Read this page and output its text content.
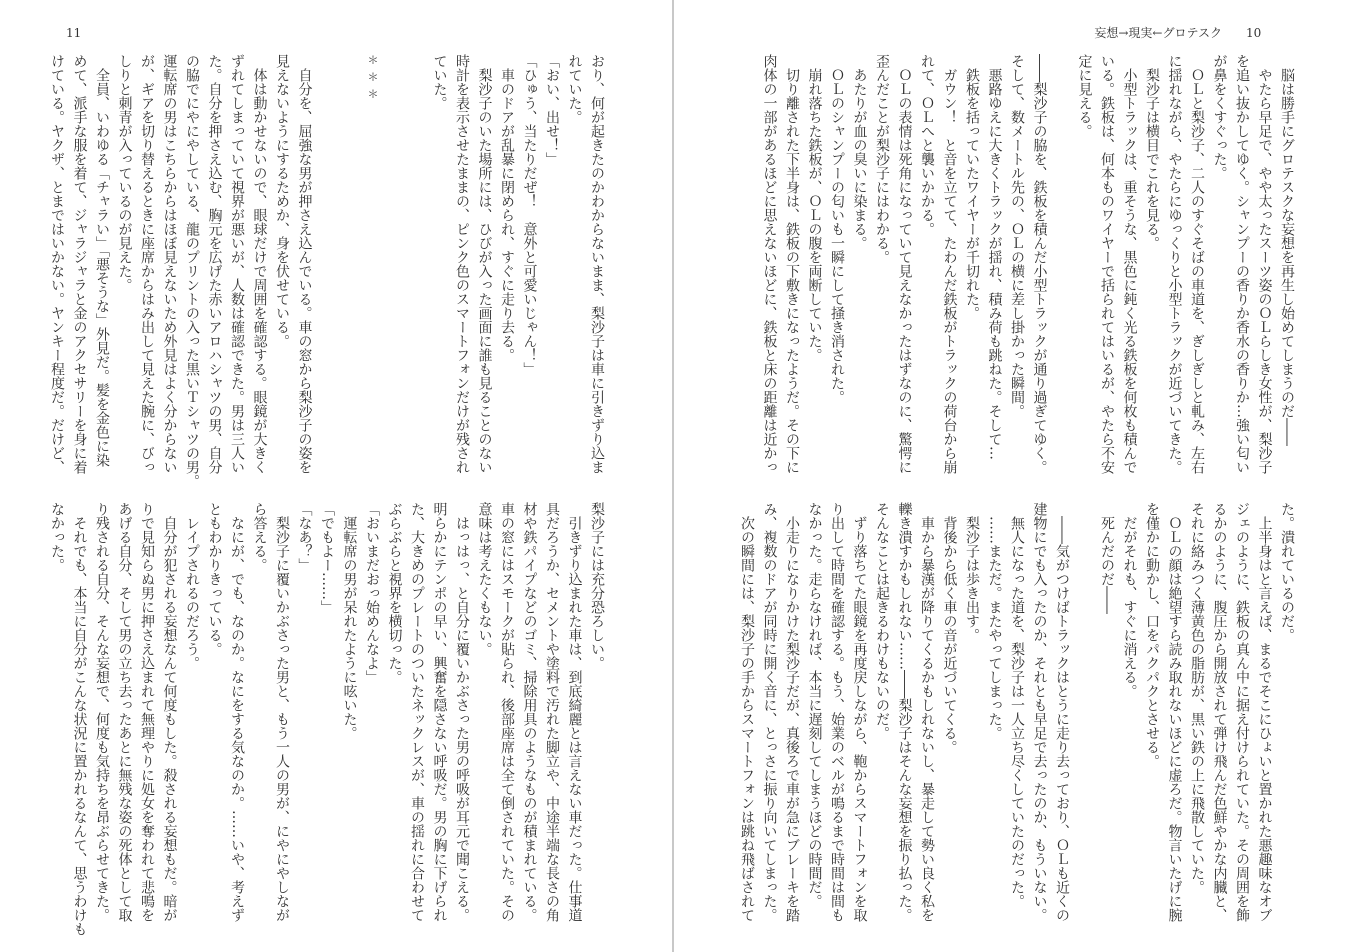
11
おり、何が起きたのかわからないまま、梨沙子は車に引きずり込ま
れていた。
「おい、出せ！」
「ひゅう、当たりだぜ！　意外と可愛いじゃん！」
　車のドアが乱暴に閉められ、すぐに走り去る。
　梨沙子のいた場所には、ひびが入った画面に誰も見ることのない
時計を表示させたままの、ピンク色のスマートフォンだけが残され
ていた。
＊＊＊
　自分を、屈強な男が押さえ込んでいる。車の窓から梨沙子の姿を
見えないようにするためか、身を伏せている。
　体は動かせないので、眼球だけで周囲を確認する。眼鏡が大きく
ずれてしまっていて視界が悪いが、人数は確認できた。男は三人い
た。自分を押さえ込む、胸元を広げた赤いアロハシャツの男、自分
の脇でにやにやしている、龍のプリントの入った黒いＴシャツの男。
運転席の男はこちらからはほぼ見えないため外見はよく分からない
が、ギアを切り替えるときに座席からはみ出して見えた腕に、びっ
しりと刺青が入っているのが見えた。
　全員、いわゆる「チャラい」「悪そうな」外見だ。髪を金色に染
めて、派手な服を着て、ジャラジャラと金のアクセサリーを身に着
けている。ヤクザ、とまではいかない。ヤンキー程度だ。だけど、
梨沙子には充分恐ろしい。
　引きずり込まれた車は、到底綺麗とは言えない車だった。仕事道
具だろうか、セメントや塗料で汚れた脚立や、中途半端な長さの角
材や鉄パイプなどのゴミ、掃除用具のようなものが積まれている。
車の窓にはスモークが貼られ、後部座席は全て倒されていた。その
意味は考えたくもない。
　はっはっ、と自分に覆いかぶさった男の呼吸が耳元で聞こえる。
明らかにテンポの早い、興奮を隠さない呼吸だ。男の胸に下げられ
た、大きめのプレートのついたネックレスが、車の揺れに合わせて
ぶらぶらと視界を横切った。
「おいまだおっ始めんなよ」
　運転席の男が呆れたように呟いた。
「でもよー……」
「なあ？」
　梨沙子に覆いかぶさった男と、もう一人の男が、にやにやしなが
ら答える。
　なにが、でも、なのか。なにをする気なのか。……いや、考えず
ともわかりきっている。
　レイプされるのだろう。
　自分が犯される妄想なんて何度もした。殺される妄想もだ。暗が
りで見知らぬ男に押さえ込まれて無理やりに処女を奪われて悲鳴を
あげる自分、そして男の立ち去ったあとに無残な姿の死体として取
り残される自分、そんな妄想で、何度も気持ちを昂ぶらせてきた。
　それでも、本当に自分がこんな状況に置かれるなんて、思うわけも
なかった。
妄想→現実←グロテスク 10
　脳は勝手にグロテスクな妄想を再生し始めてしまうのだ――
　やたら早足で、やや太ったスーツ姿のＯＬらしき女性が、梨沙子
を追い抜かしてゆく。シャンプーの香りか香水の香りか…強い匂い
が鼻をくすぐった。
　ＯＬと梨沙子、二人のすぐそばの車道を、ぎしぎしと軋み、左右
に揺れながら、やたらにゆっくりと小型トラックが近づいてきた。
　梨沙子は横目でこれを見る。
　小型トラックは、重そうな、黒色に鈍く光る鉄板を何枚も積んで
いる。鉄板は、何本ものワイヤーで括られてはいるが、やたら不安
定に見える。
――梨沙子の脇を、鉄板を積んだ小型トラックが通り過ぎてゆく。
そして、数メートル先の、ＯＬの横に差し掛かった瞬間。
　悪路ゆえに大きくトラックが揺れ、積み荷も跳ねた。そして…
　鉄板を括っていたワイヤーが千切れた。
　ガウン！　と音を立てて、たわんだ鉄板がトラックの荷台から崩
れて、ＯＬへと襲いかかる。
　ＯＬの表情は死角になっていて見えなかったはずなのに、驚愕に
歪んだことが梨沙子にはわかる。
　あたりが血の臭いに染まる。
　ＯＬのシャンプーの匂いも一瞬にして掻き消された。
　崩れ落ちた鉄板が、ＯＬの腹を両断していた。
　切り離された下半身は、鉄板の下敷きになったようだ。その下に
肉体の一部があるほどに思えないほどに、鉄板と床の距離は近かっ
た。潰れているのだ。
　上半身はと言えば、まるでそこにひょいと置かれた悪趣味なオブ
ジェのように、鉄板の真ん中に据え付けられていた。その周囲を飾
るかのように、腹圧から開放されて弾け飛んだ色鮮やかな内臓と、
それに絡みつく薄黄色の脂肪が、黒い鉄の上に飛散していた。
　ＯＬの顔は絶望すら読み取れないほどに虚ろだ。物言いたげに腕
を僅かに動かし、口をパクパクとさせる。
　だがそれも、すぐに消える。
　死んだのだ――
　――気がつけばトラックはとうに走り去っており、ＯＬも近くの
建物にでも入ったのか、それとも早足で去ったのか、もういない。
　無人になった道を、梨沙子は一人立ち尽くしていたのだった。
　……まただ。またやってしまった。
　梨沙子は歩き出す。
　背後から低く車の音が近づいてくる。
　車から暴漢が降りてくるかもしれないし、暴走して勢い良く私を
轢き潰すかもしれない……――梨沙子はそんな妄想を振り払った。
そんなことは起きるわけもないのだ。
　ずり落ちてた眼鏡を再度戻しながら、鞄からスマートフォンを取
り出して時間を確認する。もう、始業のベルが鳴るまで時間は間も
なかった。走らなければ、本当に遅刻してしまうほどの時間だ。
　小走りになりかけた梨沙子だが、真後ろで車が急にブレーキを踏
み、複数のドアが同時に開く音に、とっさに振り向いてしまった。
　次の瞬間には、梨沙子の手からスマートフォンは跳ね飛ばされて
